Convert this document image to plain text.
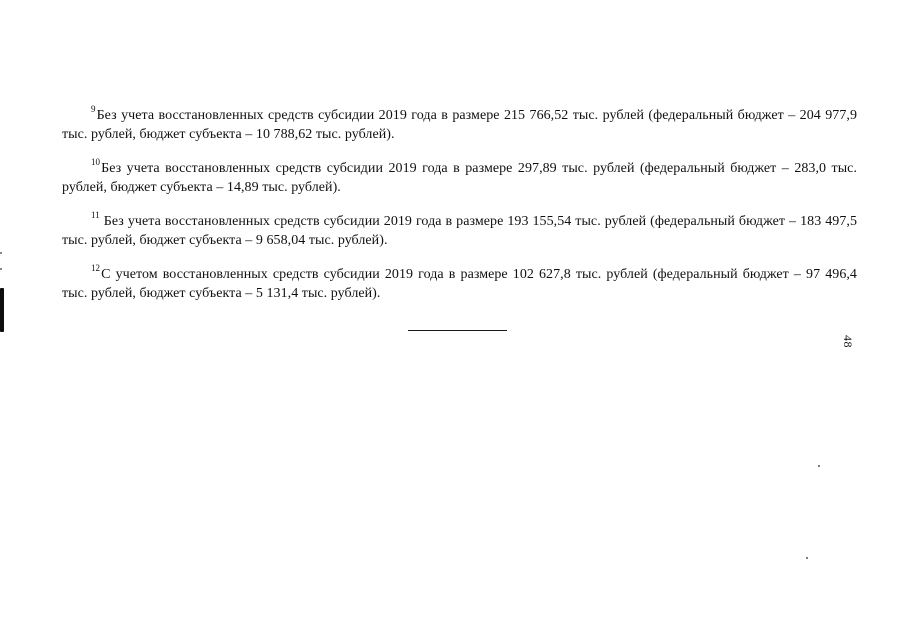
$^9$Без учета восстановленных средств субсидии 2019 года в размере 215 766,52 тыс. рублей (федеральный бюджет – 204 977,9 тыс. рублей, бюджет субъекта – 10 788,62 тыс. рублей).

$^{10}$Без учета восстановленных средств субсидии 2019 года в размере 297,89 тыс. рублей (федеральный бюджет – 283,0 тыс. рублей, бюджет субъекта – 14,89 тыс. рублей).

$^{11}$ Без учета восстановленных средств субсидии 2019 года в размере 193 155,54 тыс. рублей (федеральный бюджет – 183 497,5 тыс. рублей, бюджет субъекта – 9 658,04 тыс. рублей).

$^{12}$С учетом восстановленных средств субсидии 2019 года в размере 102 627,8 тыс. рублей (федеральный бюджет – 97 496,4 тыс. рублей, бюджет субъекта – 5 131,4 тыс. рублей).

48
